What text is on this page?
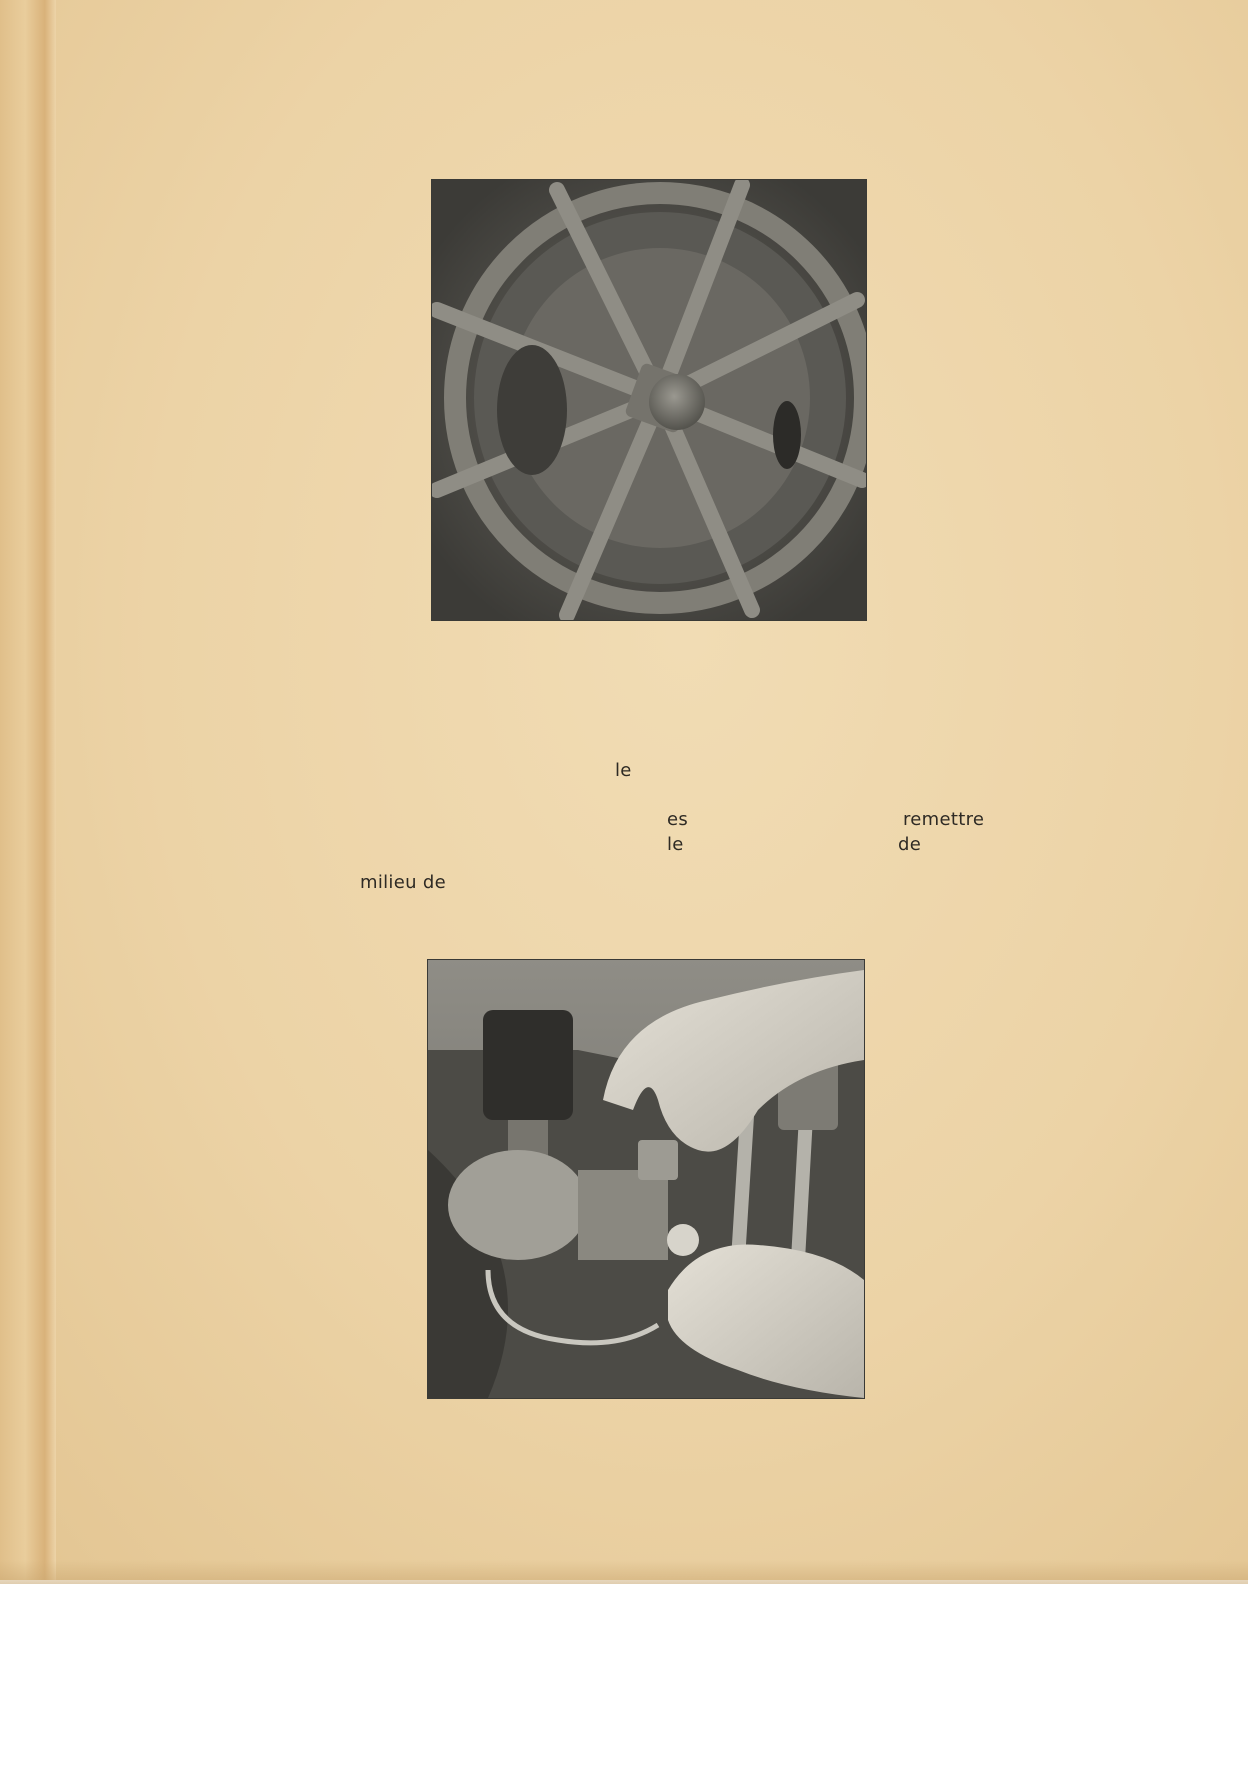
le
es	remettre
le	de
milieu de
